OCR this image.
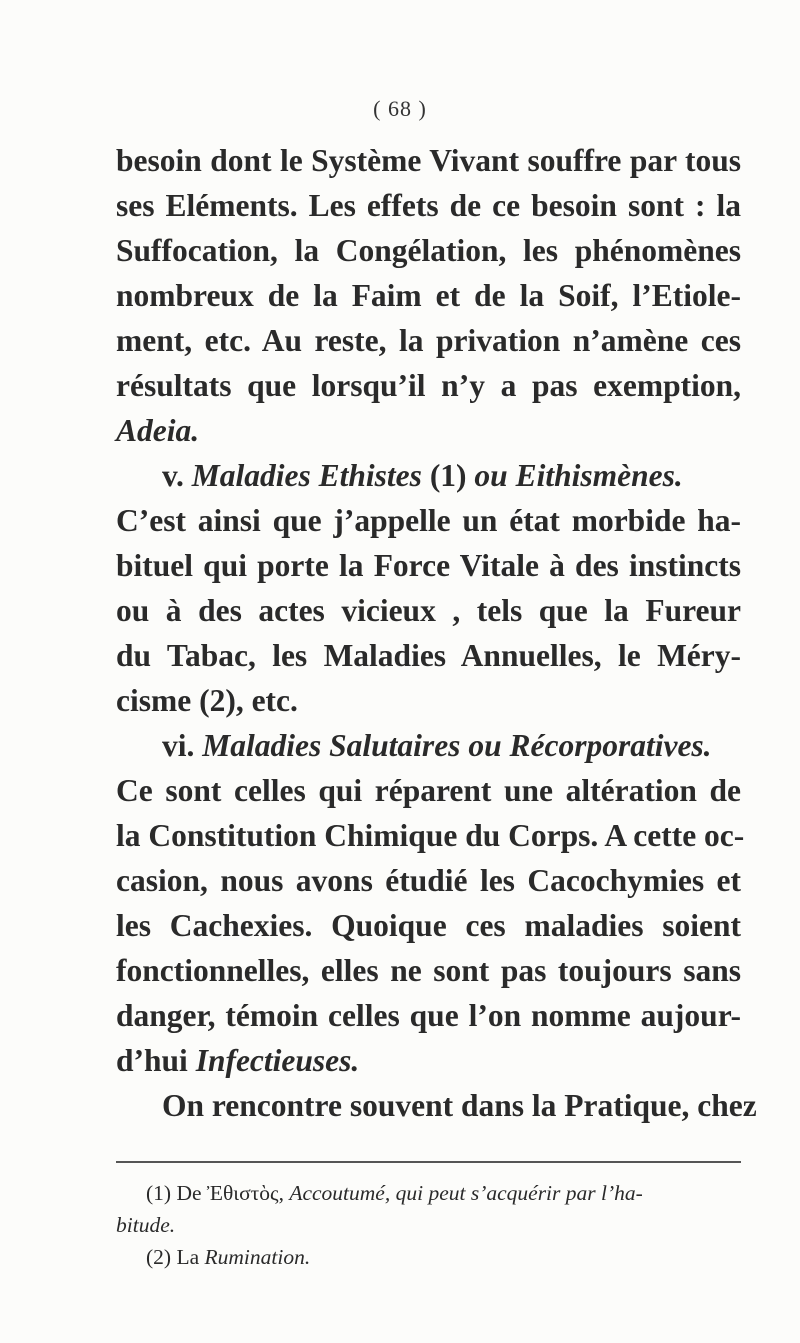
( 68 )
besoin dont le Système Vivant souffre par tous
ses Eléments. Les effets de ce besoin sont : la
Suffocation, la Congélation, les phénomènes
nombreux de la Faim et de la Soif, l’Etiole-
ment, etc. Au reste, la privation n’amène ces
résultats que lorsqu’il n’y a pas exemption,
Adeia.
v. Maladies Ethistes (1) ou Eithismènes.
C’est ainsi que j’appelle un état morbide ha-
bituel qui porte la Force Vitale à des instincts
ou à des actes vicieux , tels que la Fureur
du Tabac, les Maladies Annuelles, le Méry-
cisme (2), etc.
vi. Maladies Salutaires ou Récorporatives.
Ce sont celles qui réparent une altération de
la Constitution Chimique du Corps. A cette oc-
casion, nous avons étudié les Cacochymies et
les Cachexies. Quoique ces maladies soient
fonctionnelles, elles ne sont pas toujours sans
danger, témoin celles que l’on nomme aujour-
d’hui Infectieuses.
On rencontre souvent dans la Pratique, chez
(1) De Ἐθιστὸς, Accoutumé, qui peut s’acquérir par l’ha-
bitude.
(2) La Rumination.
